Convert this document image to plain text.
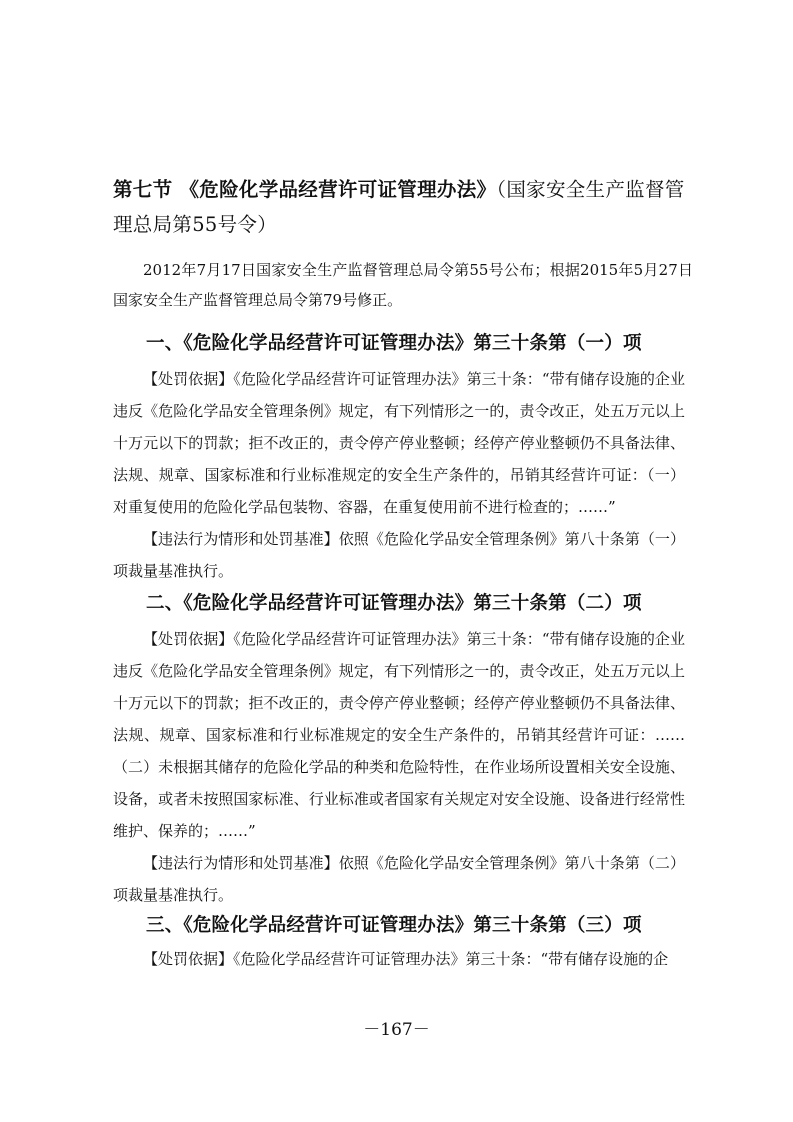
第七节 《危险化学品经营许可证管理办法》（国家安全生产监督管理总局第55号令）
2012年7月17日国家安全生产监督管理总局令第55号公布；根据2015年5月27日国家安全生产监督管理总局令第79号修正。
一、《危险化学品经营许可证管理办法》第三十条第（一）项
【处罚依据】《危险化学品经营许可证管理办法》第三十条：“带有储存设施的企业违反《危险化学品安全管理条例》规定，有下列情形之一的，责令改正，处五万元以上十万元以下的罚款；拒不改正的，责令停产停业整顿；经停产停业整顿仍不具备法律、法规、规章、国家标准和行业标准规定的安全生产条件的，吊销其经营许可证：（一）对重复使用的危险化学品包装物、容器，在重复使用前不进行检查的；……”
【违法行为情形和处罚基准】依照《危险化学品安全管理条例》第八十条第（一）项裁量基准执行。
二、《危险化学品经营许可证管理办法》第三十条第（二）项
【处罚依据】《危险化学品经营许可证管理办法》第三十条：“带有储存设施的企业违反《危险化学品安全管理条例》规定，有下列情形之一的，责令改正，处五万元以上十万元以下的罚款；拒不改正的，责令停产停业整顿；经停产停业整顿仍不具备法律、法规、规章、国家标准和行业标准规定的安全生产条件的，吊销其经营许可证：……（二）未根据其储存的危险化学品的种类和危险特性，在作业场所设置相关安全设施、设备，或者未按照国家标准、行业标准或者国家有关规定对安全设施、设备进行经常性维护、保养的；……”
【违法行为情形和处罚基准】依照《危险化学品安全管理条例》第八十条第（二）项裁量基准执行。
三、《危险化学品经营许可证管理办法》第三十条第（三）项
【处罚依据】《危险化学品经营许可证管理办法》第三十条：“带有储存设施的企
－167－
